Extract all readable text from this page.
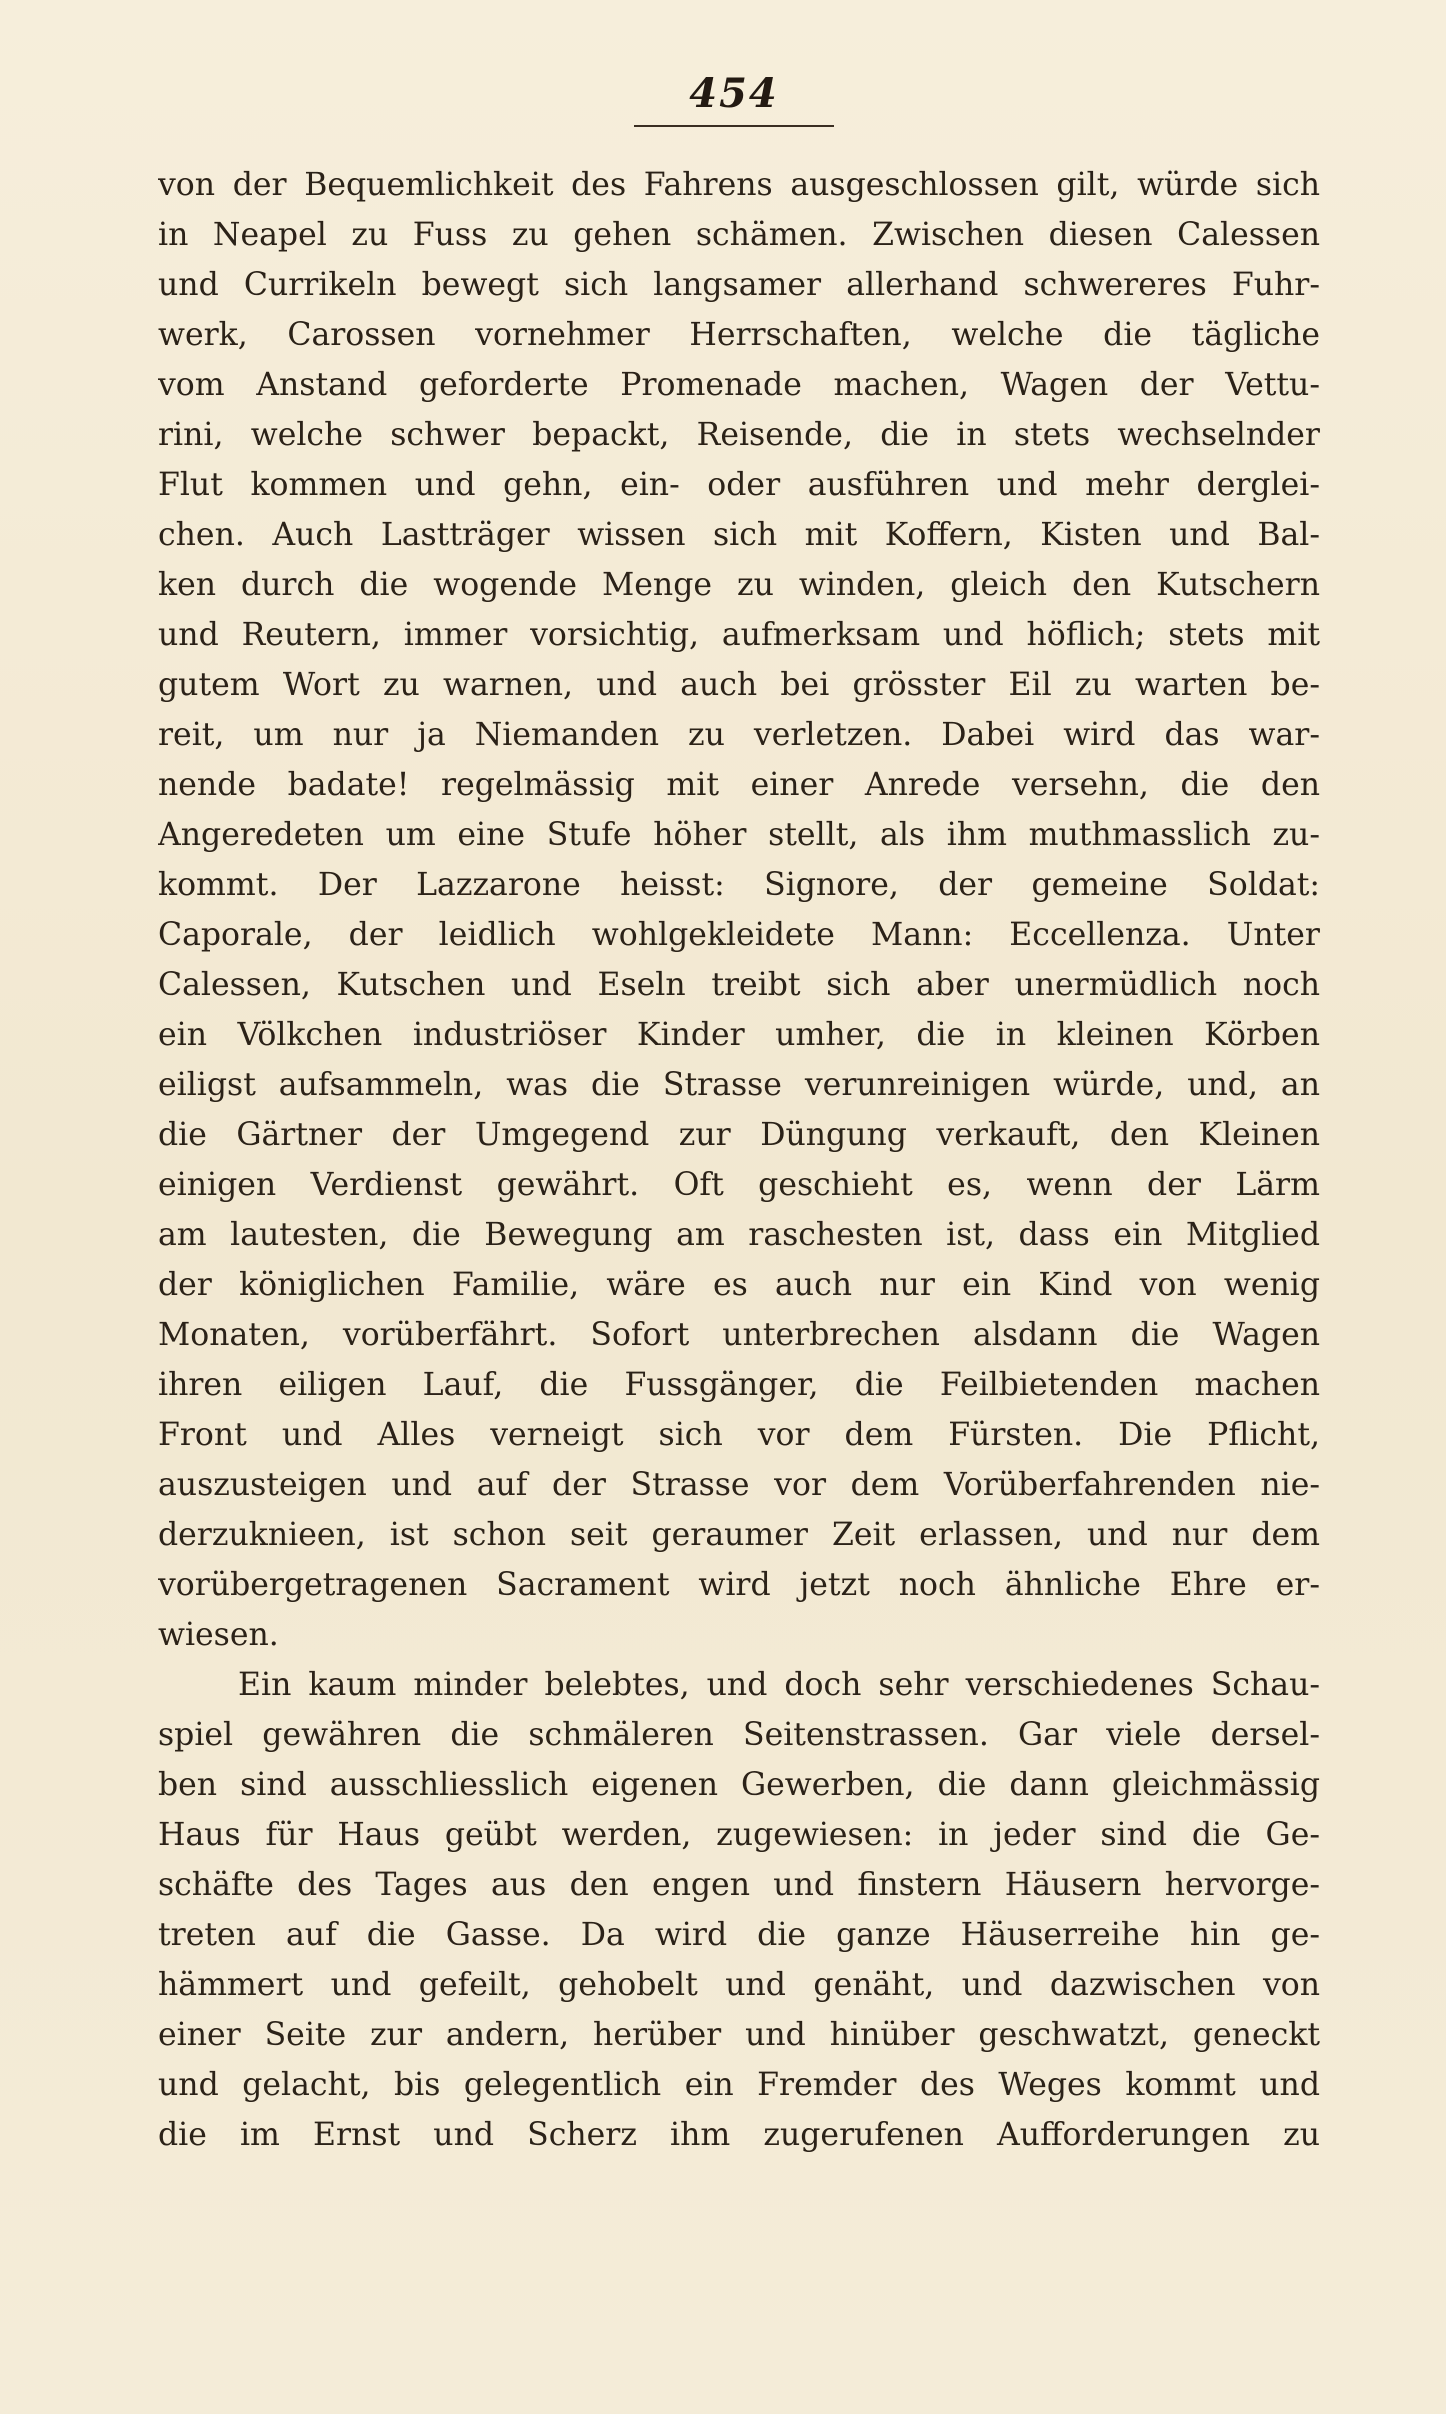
454
von der Bequemlichkeit des Fahrens ausgeschlossen gilt, würde sich
in Neapel zu Fuss zu gehen schämen. Zwischen diesen Calessen
und Currikeln bewegt sich langsamer allerhand schwereres Fuhr-
werk, Carossen vornehmer Herrschaften, welche die tägliche
vom Anstand geforderte Promenade machen, Wagen der Vettu-
rini, welche schwer bepackt, Reisende, die in stets wechselnder
Flut kommen und gehn, ein- oder ausführen und mehr derglei-
chen. Auch Lastträger wissen sich mit Koffern, Kisten und Bal-
ken durch die wogende Menge zu winden, gleich den Kutschern
und Reutern, immer vorsichtig, aufmerksam und höflich; stets mit
gutem Wort zu warnen, und auch bei grösster Eil zu warten be-
reit, um nur ja Niemanden zu verletzen. Dabei wird das war-
nende badate! regelmässig mit einer Anrede versehn, die den
Angeredeten um eine Stufe höher stellt, als ihm muthmasslich zu-
kommt. Der Lazzarone heisst: Signore, der gemeine Soldat:
Caporale, der leidlich wohlgekleidete Mann: Eccellenza. Unter
Calessen, Kutschen und Eseln treibt sich aber unermüdlich noch
ein Völkchen industriöser Kinder umher, die in kleinen Körben
eiligst aufsammeln, was die Strasse verunreinigen würde, und, an
die Gärtner der Umgegend zur Düngung verkauft, den Kleinen
einigen Verdienst gewährt. Oft geschieht es, wenn der Lärm
am lautesten, die Bewegung am raschesten ist, dass ein Mitglied
der königlichen Familie, wäre es auch nur ein Kind von wenig
Monaten, vorüberfährt. Sofort unterbrechen alsdann die Wagen
ihren eiligen Lauf, die Fussgänger, die Feilbietenden machen
Front und Alles verneigt sich vor dem Fürsten. Die Pflicht,
auszusteigen und auf der Strasse vor dem Vorüberfahrenden nie-
derzuknieen, ist schon seit geraumer Zeit erlassen, und nur dem
vorübergetragenen Sacrament wird jetzt noch ähnliche Ehre er-
wiesen.
Ein kaum minder belebtes, und doch sehr verschiedenes Schau-
spiel gewähren die schmäleren Seitenstrassen. Gar viele dersel-
ben sind ausschliesslich eigenen Gewerben, die dann gleichmässig
Haus für Haus geübt werden, zugewiesen: in jeder sind die Ge-
schäfte des Tages aus den engen und finstern Häusern hervorge-
treten auf die Gasse. Da wird die ganze Häuserreihe hin ge-
hämmert und gefeilt, gehobelt und genäht, und dazwischen von
einer Seite zur andern, herüber und hinüber geschwatzt, geneckt
und gelacht, bis gelegentlich ein Fremder des Weges kommt und
die im Ernst und Scherz ihm zugerufenen Aufforderungen zu
